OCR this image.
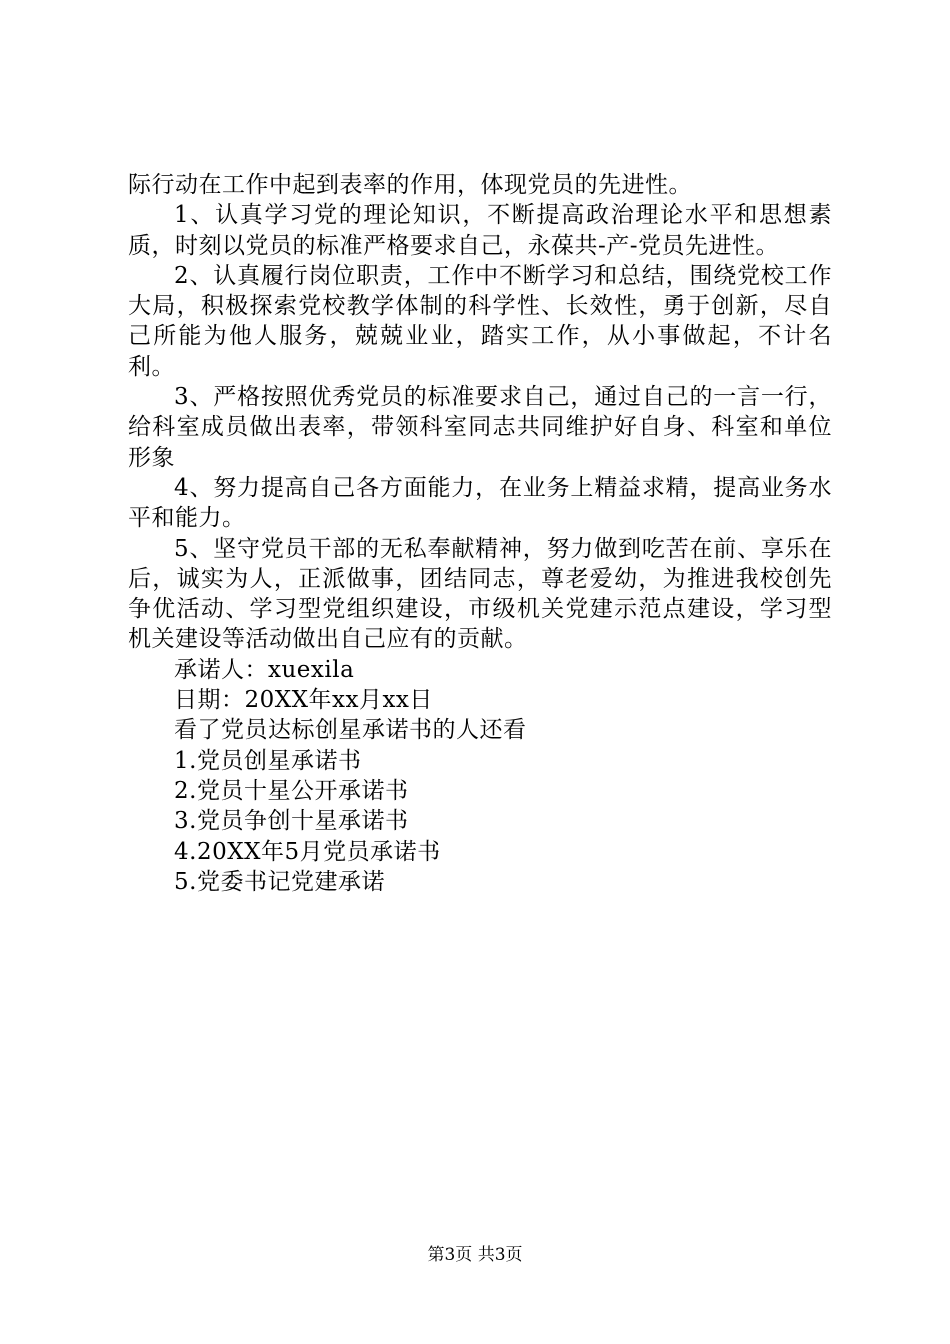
际行动在工作中起到表率的作用，体现党员的先进性。

1、认真学习党的理论知识，不断提高政治理论水平和思想素质，时刻以党员的标准严格要求自己，永葆共-产-党员先进性。

2、认真履行岗位职责，工作中不断学习和总结，围绕党校工作大局，积极探索党校教学体制的科学性、长效性，勇于创新，尽自己所能为他人服务，兢兢业业，踏实工作，从小事做起，不计名利。

3、严格按照优秀党员的标准要求自己，通过自己的一言一行，给科室成员做出表率，带领科室同志共同维护好自身、科室和单位形象

4、努力提高自己各方面能力，在业务上精益求精，提高业务水平和能力。

5、坚守党员干部的无私奉献精神，努力做到吃苦在前、享乐在后，诚实为人，正派做事，团结同志，尊老爱幼，为推进我校创先争优活动、学习型党组织建设，市级机关党建示范点建设，学习型机关建设等活动做出自己应有的贡献。

承诺人：xuexila

日期：20XX年xx月xx日

看了党员达标创星承诺书的人还看

1.党员创星承诺书

2.党员十星公开承诺书

3.党员争创十星承诺书

4.20XX年5月党员承诺书

5.党委书记党建承诺

第3页 共3页
